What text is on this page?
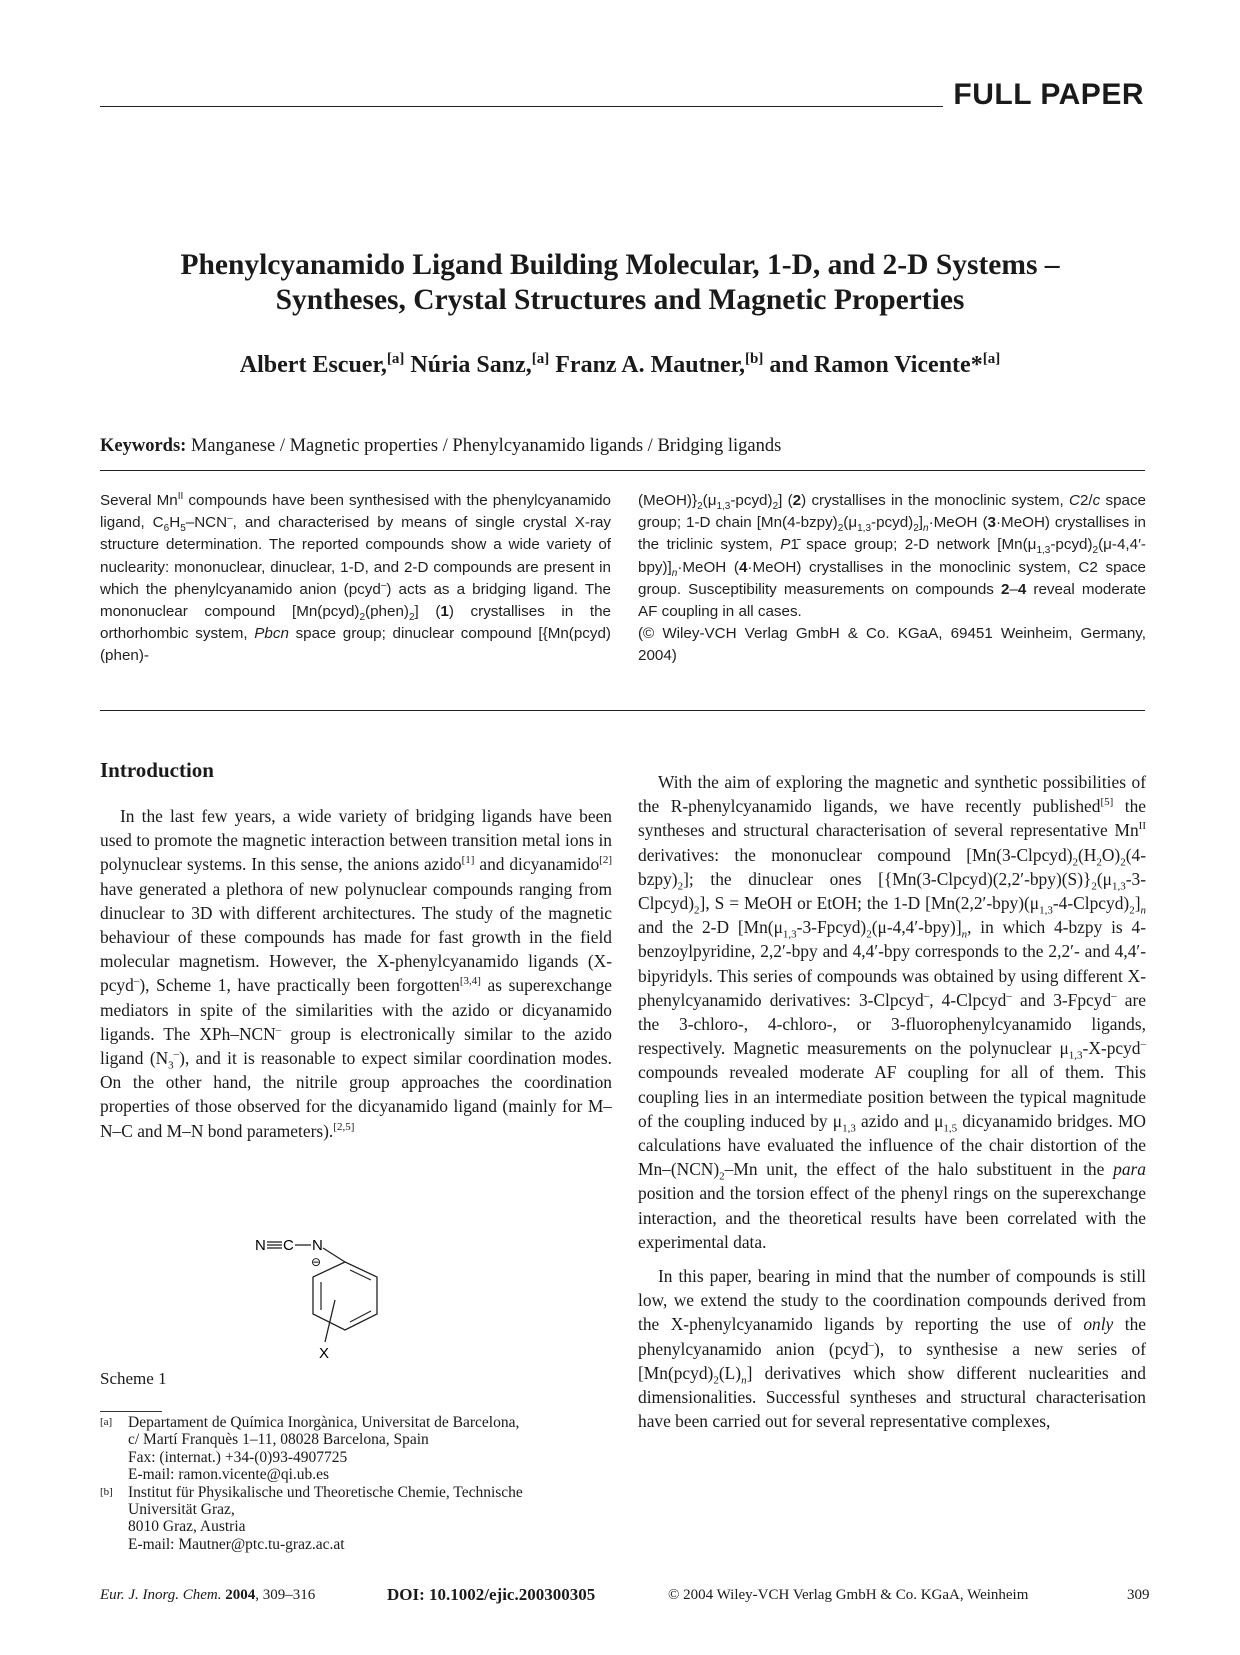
FULL PAPER
Phenylcyanamido Ligand Building Molecular, 1-D, and 2-D Systems –
Syntheses, Crystal Structures and Magnetic Properties
Albert Escuer,[a] Núria Sanz,[a] Franz A. Mautner,[b] and Ramon Vicente*[a]
Keywords: Manganese / Magnetic properties / Phenylcyanamido ligands / Bridging ligands
Several $Mn^{II}$ compounds have been synthesised with the phenylcyanamido ligand, $C_6H_5-NCN^-$, and characterised by means of single crystal X-ray structure determination. The reported compounds show a wide variety of nuclearity: mononuclear, dinuclear, 1-D, and 2-D compounds are present in which the phenylcyanamido anion (pcyd–) acts as a bridging ligand. The mononuclear compound $[Mn(pcyd)_2(phen)_2]$ (1) crystallises in the orthorhombic system, Pbcn space group; dinuclear compound [{Mn(pcyd)(phen)-
$(MeOH)\}_2(\mu_{1,3}-pcyd)_2$] (2) crystallises in the monoclinic system, C2/c space group; 1-D chain $[Mn(4-bzpy)_2(\mu_{1,3}-pcyd)_2]_n\cdot MeOH$ (3·MeOH) crystallises in the triclinic system, P1̄ space group; 2-D network $[Mn(\mu_{1,3}-pcyd)_2(\mu-4,4'-bpy)]_n\cdot MeOH$ (4·MeOH) crystallises in the monoclinic system, C2 space group. Susceptibility measurements on compounds 2–4 reveal moderate AF coupling in all cases.
(© Wiley-VCH Verlag GmbH & Co. KGaA, 69451 Weinheim, Germany, 2004)
Introduction

In the last few years, a wide variety of bridging ligands have been used to promote the magnetic interaction between transition metal ions in polynuclear systems. In this sense, the anions azido[1] and dicyanamido[2] have generated a plethora of new polynuclear compounds ranging from dinuclear to 3D with different architectures. The study of the magnetic behaviour of these compounds has made for fast growth in the field molecular magnetism. However, the X-phenylcyanamido ligands (X-pcyd–), Scheme 1, have practically been forgotten[3,4] as superexchange mediators in spite of the similarities with the azido or dicyanamido ligands. The XPh–NCN– group is electronically similar to the azido ligand $(N_3^-)$, and it is reasonable to expect similar coordination modes. On the other hand, the nitrile group approaches the coordination properties of those observed for the dicyanamido ligand (mainly for M–N–C and M–N bond parameters).[2,5]

N C N
⊖
X
Scheme 1
[a]	Departament de Química Inorgànica, Universitat de Barcelona,
c/ Martí Franquès 1–11, 08028 Barcelona, Spain
Fax: (internat.) +34-(0)93-4907725
E-mail: ramon.vicente@qi.ub.es
[b] Institut für Physikalische und Theoretische Chemie, Technische
Universität Graz,
8010 Graz, Austria
E-mail: Mautner@ptc.tu-graz.ac.at

With the aim of exploring the magnetic and synthetic possibilities of the R-phenylcyanamido ligands, we have recently published[5] the syntheses and structural characterisation of several representative $Mn^{II}$ derivatives: the mononuclear compound $[Mn(3-Clpcyd)_2(H_2O)_2(4-bzpy)_2]$; the dinuclear ones $[\{Mn(3-Clpcyd)(2,2'-bpy)(S)\}_2(\mu_{1,3}-3-Clpcyd)_2]$, S = MeOH or EtOH; the 1-D $[Mn(2,2'-bpy)(\mu_{1,3}-4-Clpcyd)_2]_n$ and the 2-D $[Mn(\mu_{1,3}-3-Fpcyd)_2(\mu-4,4'-bpy)]_n$, in which 4-bzpy is 4-benzoylpyridine, 2,2′-bpy and 4,4′-bpy corresponds to the 2,2′- and 4,4′-bipyridyls. This series of compounds was obtained by using different X-phenylcyanamido derivatives: 3-Clpcyd–, 4-Clpcyd– and 3-Fpcyd– are the 3-chloro-, 4-chloro-, or 3-fluorophenylcyanamido ligands, respectively. Magnetic measurements on the polynuclear $\mu_{1,3}-X-pcyd^-$ compounds revealed moderate AF coupling for all of them. This coupling lies in an intermediate position between the typical magnitude of the coupling induced by $\mu_{1,3}$ azido and $\mu_{1,5}$ dicyanamido bridges. MO calculations have evaluated the influence of the chair distortion of the $Mn-(NCN)_2-Mn$ unit, the effect of the halo substituent in the para position and the torsion effect of the phenyl rings on the superexchange interaction, and the theoretical results have been correlated with the experimental data.

In this paper, bearing in mind that the number of compounds is still low, we extend the study to the coordination compounds derived from the X-phenylcyanamido ligands by reporting the use of only the phenylcyanamido anion (pcyd–), to synthesise a new series of $[Mn(pcyd)_2(L)_n]$ derivatives which show different nuclearities and dimensionalities. Successful syntheses and structural characterisation have been carried out for several representative complexes,

Eur. J. Inorg. Chem. 2004, 309–316	DOI: 10.1002/ejic.200300305	© 2004 Wiley-VCH Verlag GmbH & Co. KGaA, Weinheim	309
